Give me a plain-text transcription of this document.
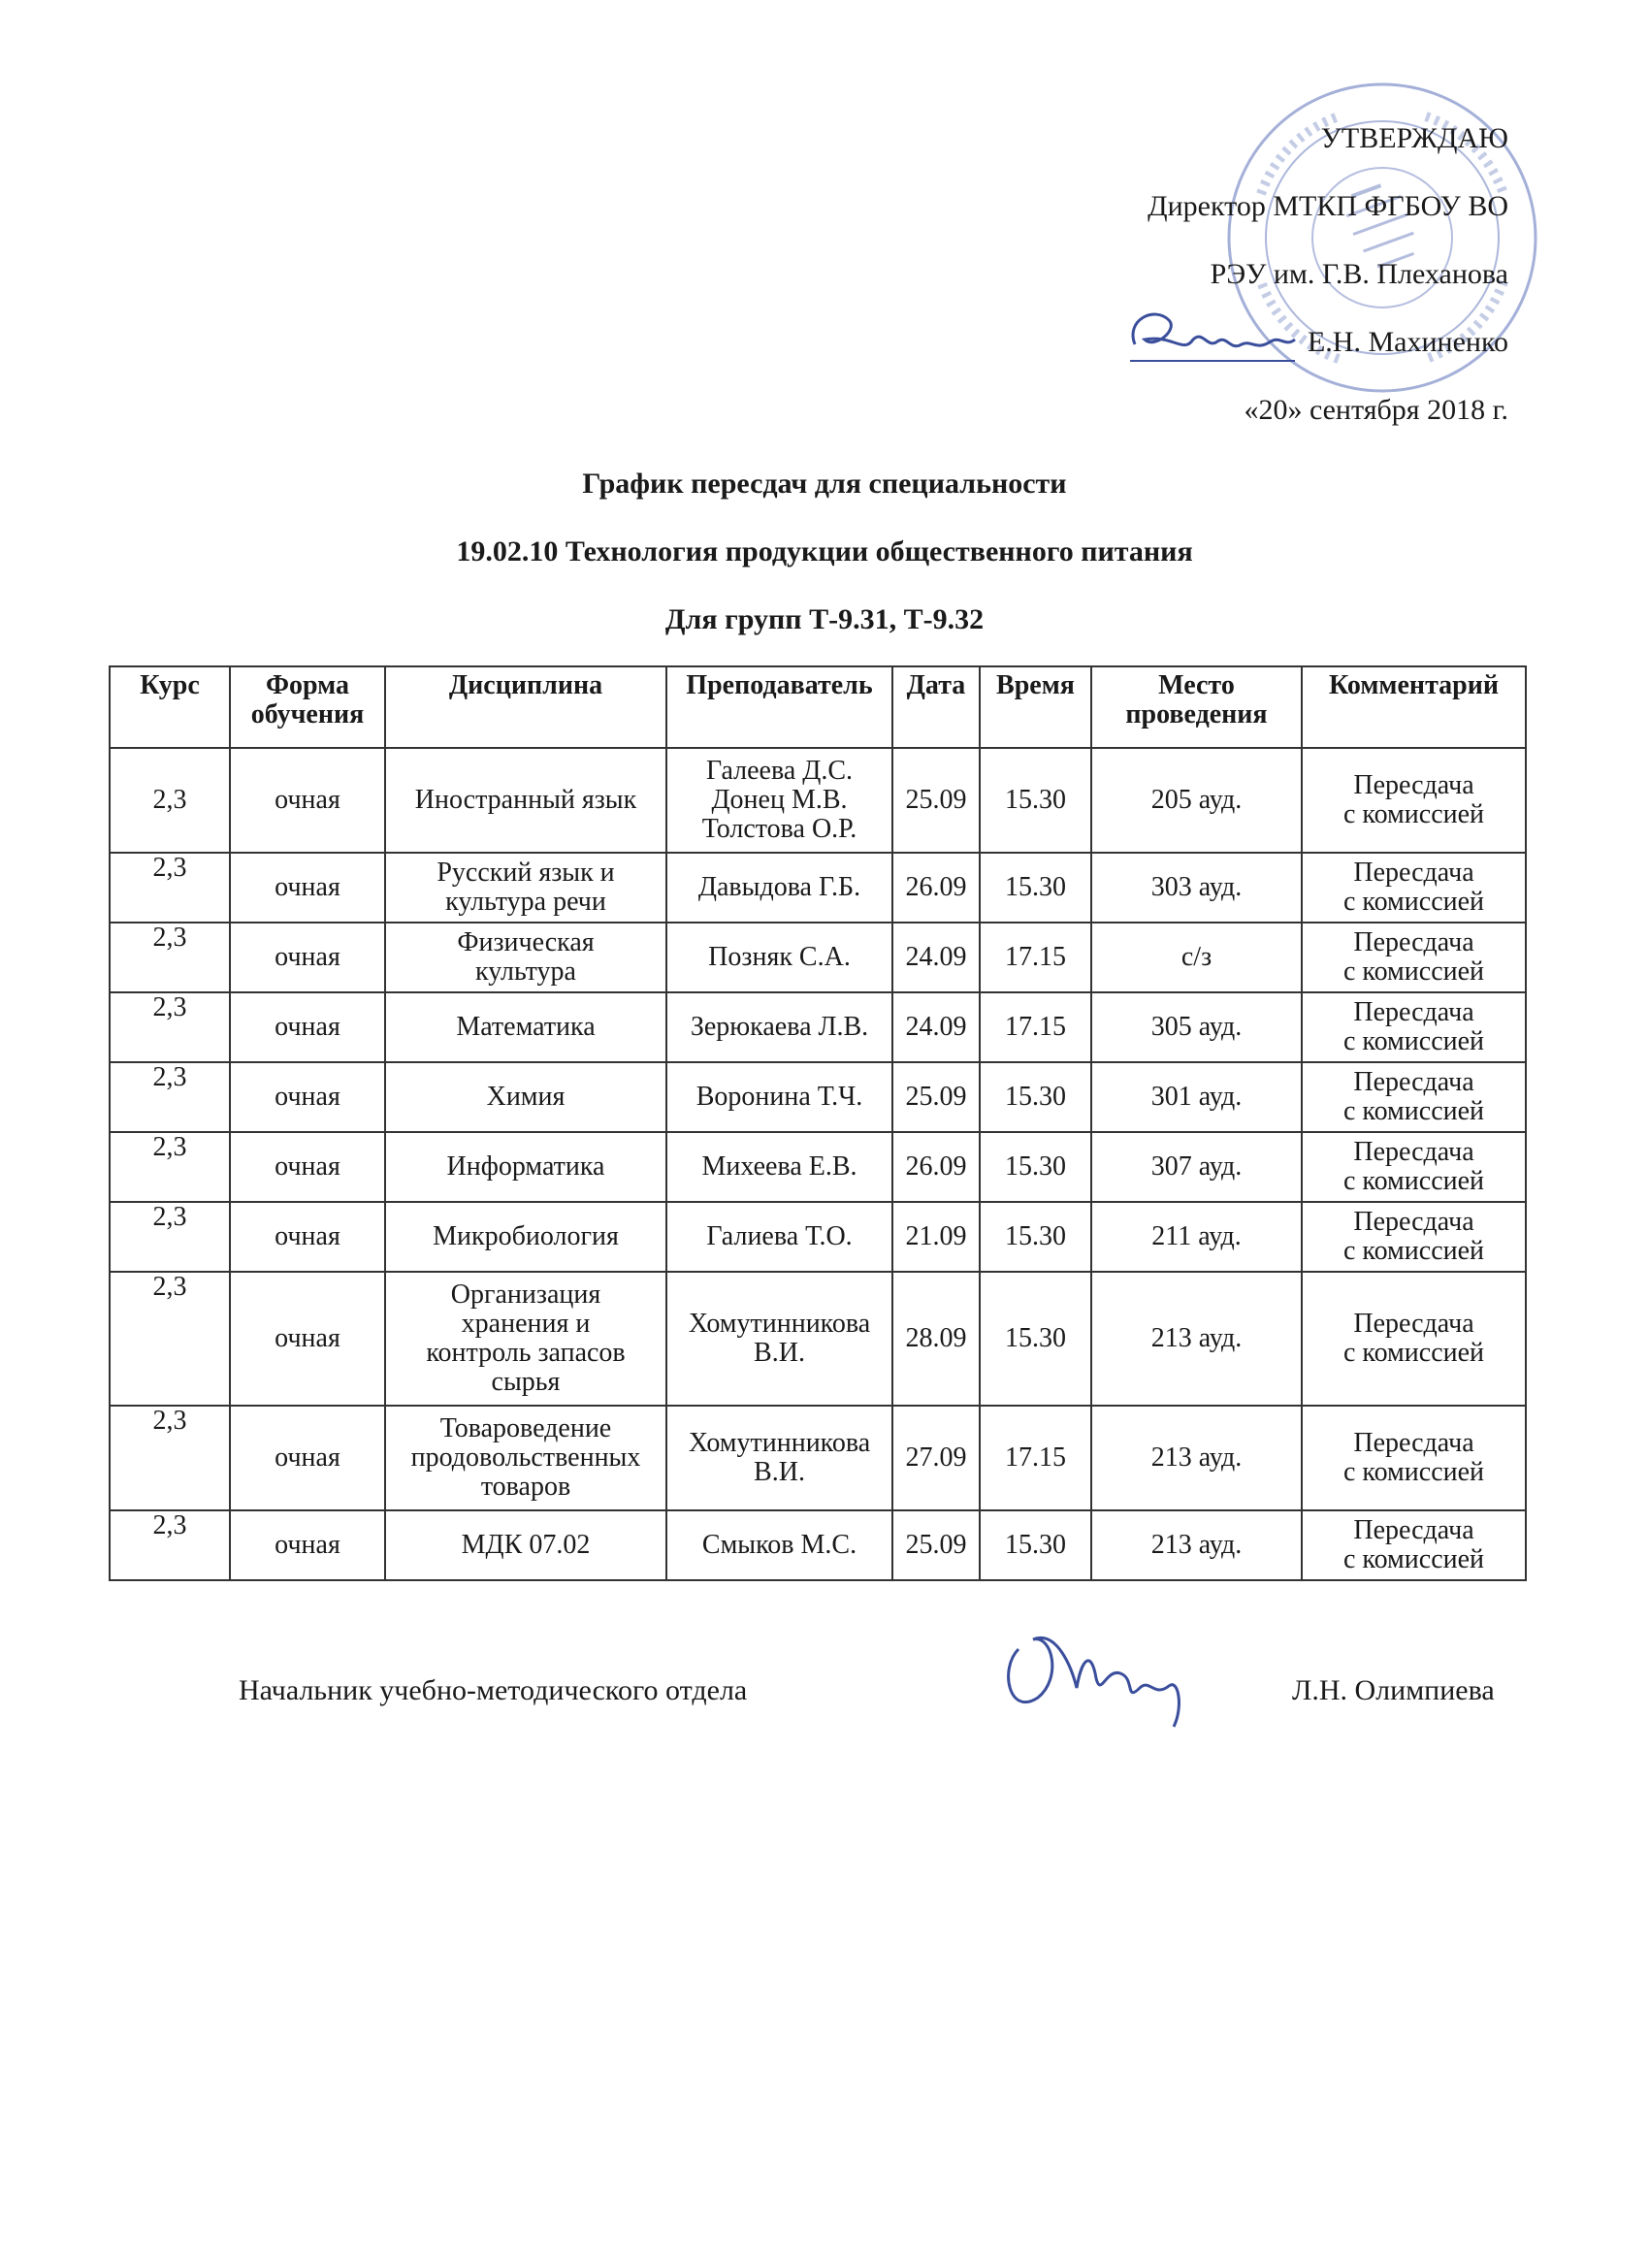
УТВЕРЖДАЮ
Директор МТКП ФГБОУ ВО
РЭУ им. Г.В. Плеханова
Е.Н. Махиненко
«20» сентября 2018 г.
График пересдач для специальности
19.02.10 Технология продукции общественного питания
Для групп Т-9.31, Т-9.32
Курс	Форма обучения	Дисциплина	Преподаватель	Дата	Время	Место проведения	Комментарий
2,3	очная	Иностранный язык	Галеева Д.С.
Донец М.В.
Толстова О.Р.	25.09	15.30	205 ауд.	Пересдача
с комиссией
2,3	очная	Русский язык и
культура речи	Давыдова Г.Б.	26.09	15.30	303 ауд.	Пересдача
с комиссией
2,3	очная	Физическая
культура	Позняк С.А.	24.09	17.15	с/з	Пересдача
с комиссией
2,3	очная	Математика	Зерюкаева Л.В.	24.09	17.15	305 ауд.	Пересдача
с комиссией
2,3	очная	Химия	Воронина Т.Ч.	25.09	15.30	301 ауд.	Пересдача
с комиссией
2,3	очная	Информатика	Михеева Е.В.	26.09	15.30	307 ауд.	Пересдача
с комиссией
2,3	очная	Микробиология	Галиева Т.О.	21.09	15.30	211 ауд.	Пересдача
с комиссией
2,3	очная	Организация
хранения и
контроль запасов
сырья	Хомутинникова
В.И.	28.09	15.30	213 ауд.	Пересдача
с комиссией
2,3	очная	Товароведение
продовольственных
товаров	Хомутинникова
В.И.	27.09	17.15	213 ауд.	Пересдача
с комиссией
2,3	очная	МДК 07.02	Смыков М.С.	25.09	15.30	213 ауд.	Пересдача
с комиссией
Начальник учебно-методического отдела	Л.Н. Олимпиева
